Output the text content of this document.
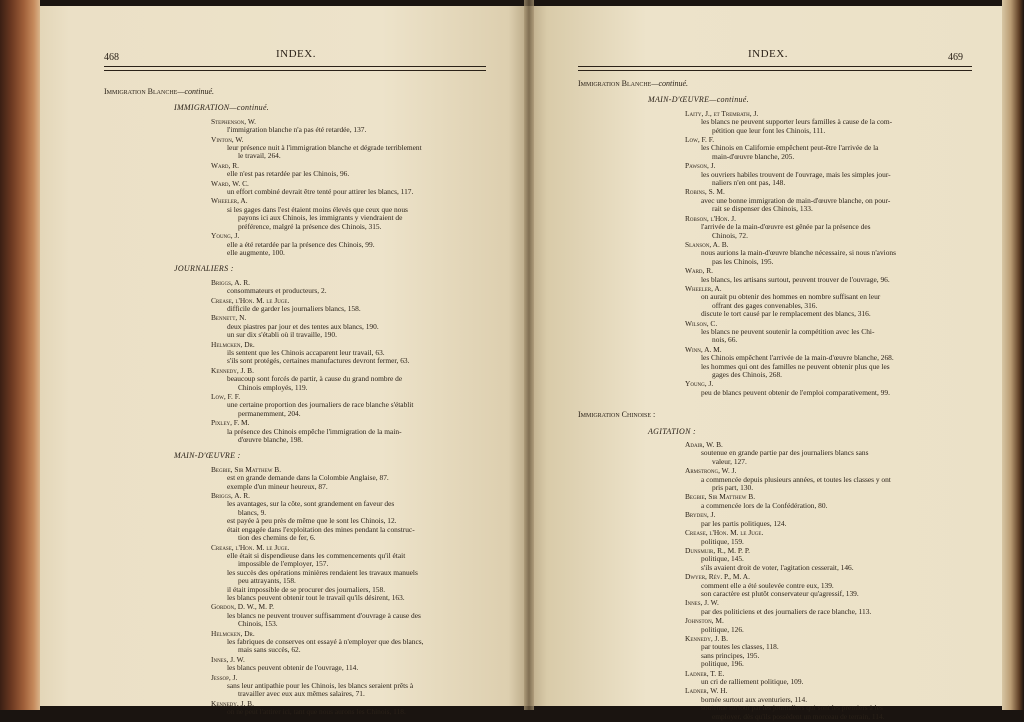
468	INDEX.
Immigration Blanche—continué.
IMMIGRATION—continué.
Stephenson, W.
l'immigration blanche n'a pas été retardée, 137.
Vinton, W.
leur présence nuit à l'immigration blanche et dégrade terriblement
le travail, 264.
Ward, R.
elle n'est pas retardée par les Chinois, 96.
Ward, W. C.
un effort combiné devrait être tenté pour attirer les blancs, 117.
Wheeler, A.
si les gages dans l'est étaient moins élevés que ceux que nous
payons ici aux Chinois, les immigrants y viendraient de
préférence, malgré la présence des Chinois, 315.
Young, J.
elle a été retardée par la présence des Chinois, 99.
elle augmente, 100.
JOURNALIERS :
Briggs, A. R.
consommateurs et producteurs, 2.
Crease, l'Hon. M. le Juge.
difficile de garder les journaliers blancs, 158.
Bennett, N.
deux piastres par jour et des tentes aux blancs, 190.
un sur dix s'établi où il travaille, 190.
Helmcken, Dr.
ils sentent que les Chinois accaparent leur travail, 63.
s'ils sont protégés, certaines manufactures devront fermer, 63.
Kennedy, J. B.
beaucoup sont forcés de partir, à cause du grand nombre de
Chinois employés, 119.
Low, F. F.
une certaine proportion des journaliers de race blanche s'établit
permanemment, 204.
Pixley, F. M.
la présence des Chinois empêche l'immigration de la main-
d'œuvre blanche, 198.
MAIN-D'ŒUVRE :
Begbie, Sir Matthew B.
est en grande demande dans la Colombie Anglaise, 87.
exemple d'un mineur heureux, 87.
Briggs, A. R.
les avantages, sur la côte, sont grandement en faveur des
blancs, 9.
est payée à peu près de même que le sont les Chinois, 12.
était engagée dans l'exploitation des mines pendant la construc-
tion des chemins de fer, 6.
Crease, l'Hon. M. le Juge.
elle était si dispendieuse dans les commencements qu'il était
impossible de l'employer, 157.
les succès des opérations minières rendaient les travaux manuels
peu attrayants, 158.
il était impossible de se procurer des journaliers, 158.
les blancs peuvent obtenir tout le travail qu'ils désirent, 163.
Gordon, D. W., M. P.
les blancs ne peuvent trouver suffisamment d'ouvrage à cause des
Chinois, 153.
Helmcken, Dr.
les fabriques de conserves ont essayé à n'employer que des blancs,
mais sans succès, 62.
Innes, J. W.
les blancs peuvent obtenir de l'ouvrage, 114.
Jessop, J.
sans leur antipathie pour les Chinois, les blancs seraient prêts à
travailler avec eux aux mêmes salaires, 71.
Kennedy, J. B.
on ne peut l'attirer ici, tant que nous aurons les Chinois, 118.
INDEX.	469
Immigration Blanche—continué.
MAIN-D'ŒUVRE—continué.
Laity, J., et Trembath, J.
les blancs ne peuvent supporter leurs familles à cause de la com-
pétition que leur font les Chinois, 111.
Low, F. F.
les Chinois en Californie empêchent peut-être l'arrivée de la
main-d'œuvre blanche, 205.
Pawson, J.
les ouvriers habiles trouvent de l'ouvrage, mais les simples jour-
naliers n'en ont pas, 148.
Robins, S. M.
avec une bonne immigration de main-d'œuvre blanche, on pour-
rait se dispenser des Chinois, 133.
Robson, l'Hon. J.
l'arrivée de la main-d'œuvre est gênée par la présence des
Chinois, 72.
Slanson, A. B.
nous aurions la main-d'œuvre blanche nécessaire, si nous n'avions
pas les Chinois, 195.
Ward, R.
les blancs, les artisans surtout, peuvent trouver de l'ouvrage, 96.
Wheeler, A.
on aurait pu obtenir des hommes en nombre suffisant en leur
offrant des gages convenables, 316.
discute le tort causé par le remplacement des blancs, 316.
Wilson, C.
les blancs ne peuvent soutenir la compétition avec les Chi-
nois, 66.
Winn, A. M.
les Chinois empêchent l'arrivée de la main-d'œuvre blanche, 268.
les hommes qui ont des familles ne peuvent obtenir plus que les
gages des Chinois, 268.
Young, J.
peu de blancs peuvent obtenir de l'emploi comparativement, 99.
Immigration Chinoise :
AGITATION :
Adair, W. B.
soutenue en grande partie par des journaliers blancs sans
valeur, 127.
Armstrong, W. J.
a commencée depuis plusieurs années, et toutes les classes y ont
pris part, 130.
Begbie, Sir Matthew B.
a commencée lors de la Confédération, 80.
Bryden, J.
par les partis politiques, 124.
Crease, l'Hon. M. le Juge.
politique, 159.
Dunsmuir, R., M. P. P.
politique, 145.
s'ils avaient droit de voter, l'agitation cesserait, 146.
Dwyer, Rév. P., M. A.
comment elle a été soulevée contre eux, 139.
son caractère est plutôt conservateur qu'agressif, 139.
Innes, J. W.
par des politiciens et des journaliers de race blanche, 113.
Johnston, M.
politique, 126.
Kennedy, J. B.
par toutes les classes, 118.
sans principes, 195.
politique, 196.
Ladner, T. E.
un cri de ralliement politique, 109.
Ladner, W. H.
bornée surtout aux aventuriers, 114.
soutenue surtout par les journaliers qui sont les premiers à les
employer, dès qu'ils possèdent un morceau de terrain, 114.
